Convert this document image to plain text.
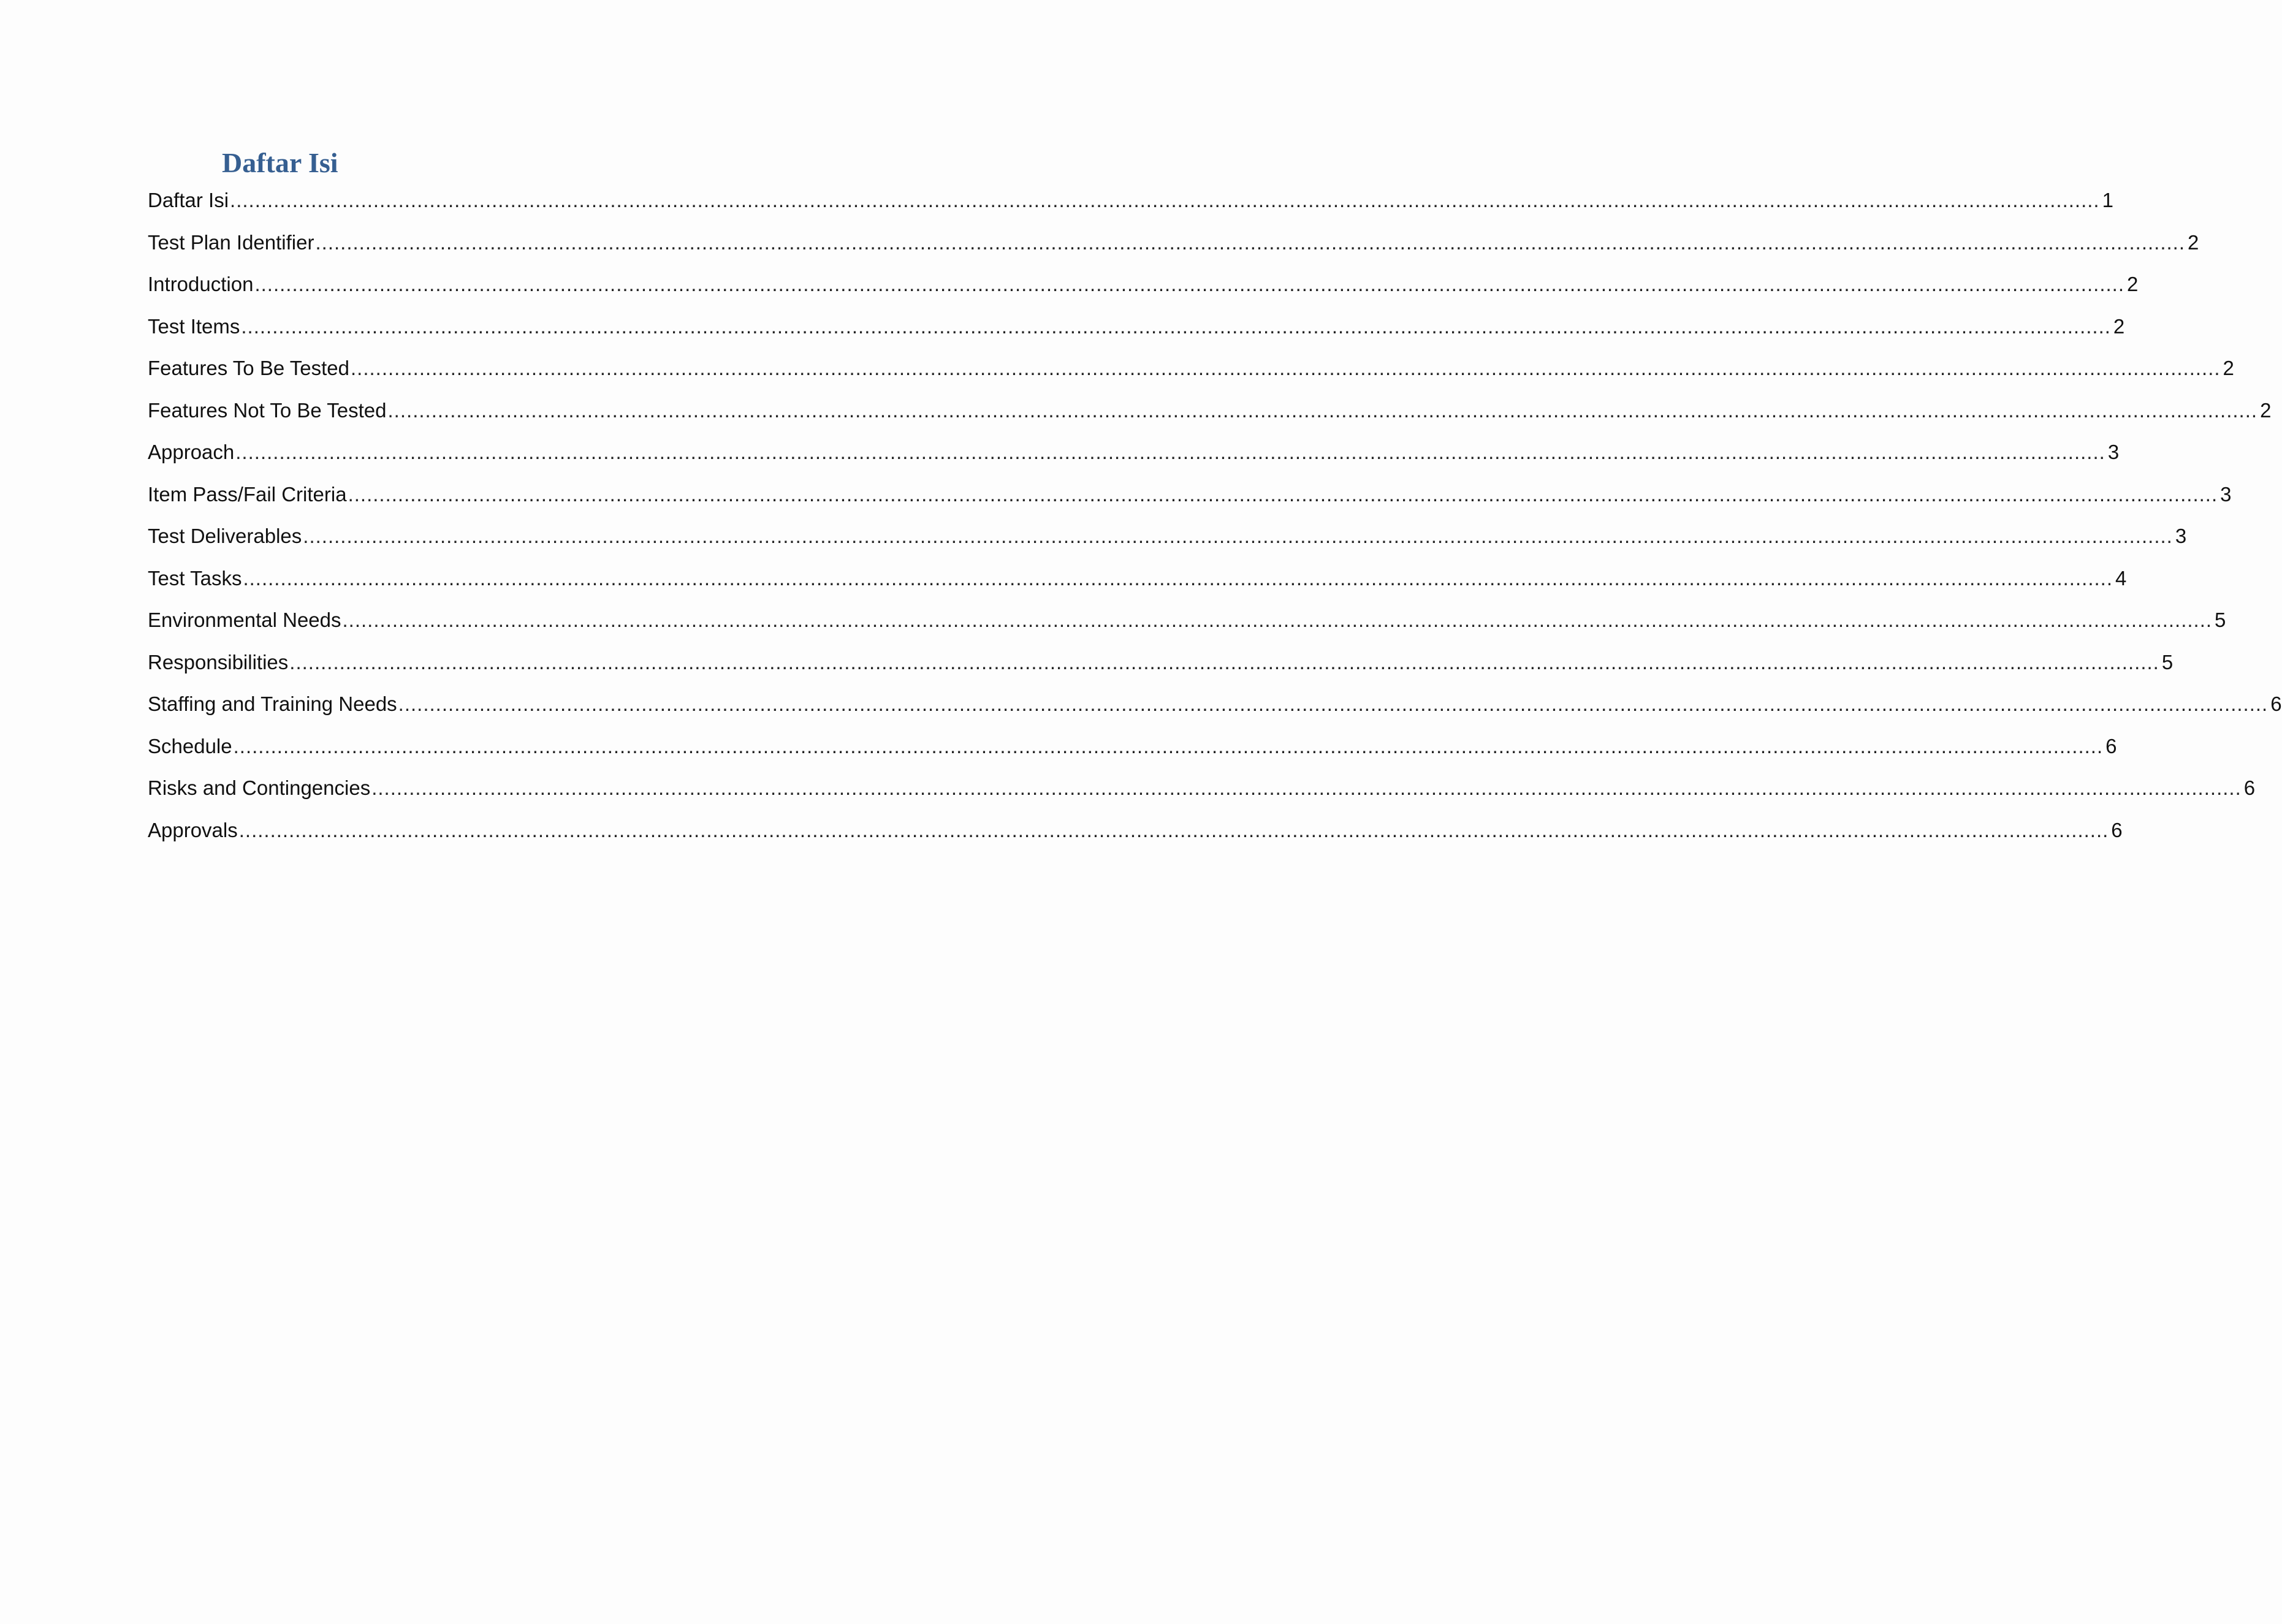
Daftar Isi
Daftar Isi ............................................................................................................................................................................................................................................................................................................ 1
Test Plan Identifier ............................................................................................................................................................................................................................................................................................................ 2
Introduction ............................................................................................................................................................................................................................................................................................................ 2
Test Items ............................................................................................................................................................................................................................................................................................................ 2
Features To Be Tested ............................................................................................................................................................................................................................................................................................................ 2
Features Not To Be Tested ............................................................................................................................................................................................................................................................................................................ 2
Approach ............................................................................................................................................................................................................................................................................................................ 3
Item Pass/Fail Criteria ............................................................................................................................................................................................................................................................................................................ 3
Test Deliverables ............................................................................................................................................................................................................................................................................................................ 3
Test Tasks ............................................................................................................................................................................................................................................................................................................ 4
Environmental Needs ............................................................................................................................................................................................................................................................................................................ 5
Responsibilities ............................................................................................................................................................................................................................................................................................................ 5
Staffing and Training Needs ............................................................................................................................................................................................................................................................................................................ 6
Schedule ............................................................................................................................................................................................................................................................................................................ 6
Risks and Contingencies ............................................................................................................................................................................................................................................................................................................ 6
Approvals ............................................................................................................................................................................................................................................................................................................ 6
